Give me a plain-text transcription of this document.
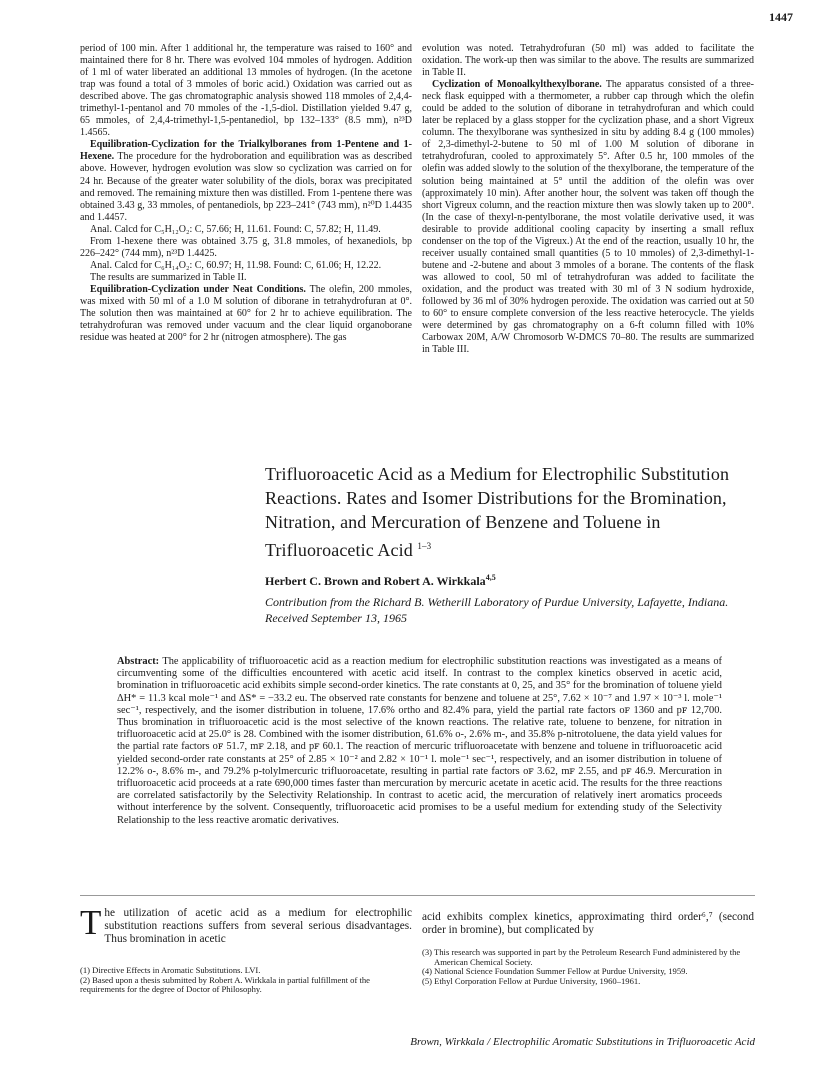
1447

period of 100 min. After 1 additional hr, the temperature was raised to 160° and maintained there for 8 hr. There was evolved 104 mmoles of hydrogen. Addition of 1 ml of water liberated an additional 13 mmoles of hydrogen. (In the acetone trap was found a total of 3 mmoles of boric acid.) Oxidation was carried out as described above. The gas chromatographic analysis showed 118 mmoles of 2,4,4-trimethyl-1-pentanol and 70 mmoles of the -1,5-diol. Distillation yielded 9.47 g, 65 mmoles, of 2,4,4-trimethyl-1,5-pentanediol, bp 132–133° (8.5 mm), n²³D 1.4565.

Equilibration-Cyclization for the Trialkylboranes from 1-Pentene and 1-Hexene. The procedure for the hydroboration and equilibration was as described above. However, hydrogen evolution was slow so cyclization was carried on for 24 hr. Because of the greater water solubility of the diols, borax was precipitated and removed. The remaining mixture then was distilled. From 1-pentene there was obtained 3.43 g, 33 mmoles, of pentanediols, bp 223–241° (743 mm), n²⁰D 1.4435 and 1.4457.

Anal. Calcd for C₅H₁₂O₂: C, 57.66; H, 11.61. Found: C, 57.82; H, 11.49.

From 1-hexene there was obtained 3.75 g, 31.8 mmoles, of hexanediols, bp 226–242° (744 mm), n²³D 1.4425.

Anal. Calcd for C₆H₁₄O₂: C, 60.97; H, 11.98. Found: C, 61.06; H, 12.22.

The results are summarized in Table II.

Equilibration-Cyclization under Neat Conditions. The olefin, 200 mmoles, was mixed with 50 ml of a 1.0 M solution of diborane in tetrahydrofuran at 0°. The solution then was maintained at 60° for 2 hr to achieve equilibration. The tetrahydrofuran was removed under vacuum and the clear liquid organoborane residue was heated at 200° for 2 hr (nitrogen atmosphere). The gas

evolution was noted. Tetrahydrofuran (50 ml) was added to facilitate the oxidation. The work-up then was similar to the above. The results are summarized in Table II.

Cyclization of Monoalkylthexylborane. The apparatus consisted of a three-neck flask equipped with a thermometer, a rubber cap through which the olefin could be added to the solution of diborane in tetrahydrofuran and which could later be replaced by a glass stopper for the cyclization phase, and a short Vigreux column. The thexylborane was synthesized in situ by adding 8.4 g (100 mmoles) of 2,3-dimethyl-2-butene to 50 ml of 1.00 M solution of diborane in tetrahydrofuran, cooled to approximately 5°. After 0.5 hr, 100 mmoles of the olefin was added slowly to the solution of the thexylborane, the temperature of the solution being maintained at 5° until the addition of the olefin was over (approximately 10 min). After another hour, the solvent was taken off though the short Vigreux column, and the reaction mixture then was slowly taken up to 200°. (In the case of thexyl-n-pentylborane, the most volatile derivative used, it was desirable to provide additional cooling capacity by inserting a small reflux condenser on the top of the Vigreux.) At the end of the reaction, usually 10 hr, the receiver usually contained small quantities (5 to 10 mmoles) of 2,3-dimethyl-1-butene and -2-butene and about 3 mmoles of a borane. The contents of the flask was allowed to cool, 50 ml of tetrahydrofuran was added to facilitate the oxidation, and the product was treated with 30 ml of 3 N sodium hydroxide, followed by 36 ml of 30% hydrogen peroxide. The oxidation was carried out at 50 to 60° to ensure complete conversion of the less reactive heterocycle. The yields were determined by gas chromatography on a 6-ft column filled with 10% Carbowax 20M, A/W Chromosorb W-DMCS 70–80. The results are summarized in Table III.

Trifluoroacetic Acid as a Medium for Electrophilic Substitution Reactions. Rates and Isomer Distributions for the Bromination, Nitration, and Mercuration of Benzene and Toluene in Trifluoroacetic Acid $^{1-3}$
Herbert C. Brown and Robert A. Wirkkala$^{4,5}$
Contribution from the Richard B. Wetherill Laboratory of Purdue University, Lafayette, Indiana. Received September 13, 1965
Abstract: The applicability of trifluoroacetic acid as a reaction medium for electrophilic substitution reactions was investigated as a means of circumventing some of the difficulties encountered with acetic acid itself. In contrast to the complex kinetics observed in acetic acid, bromination in trifluoroacetic acid exhibits simple second-order kinetics. The rate constants at 0, 25, and 35° for the bromination of toluene yield ΔH* = 11.3 kcal mole⁻¹ and ΔS* = −33.2 eu. The observed rate constants for benzene and toluene at 25°, 7.62 × 10⁻⁷ and 1.97 × 10⁻³ l. mole⁻¹ sec⁻¹, respectively, and the isomer distribution in toluene, 17.6% ortho and 82.4% para, yield the partial rate factors oꜰ 1360 and pꜰ 12,700. Thus bromination in trifluoroacetic acid is the most selective of the known reactions. The relative rate, toluene to benzene, for nitration in trifluoroacetic acid at 25.0° is 28. Combined with the isomer distribution, 61.6% o-, 2.6% m-, and 35.8% p-nitrotoluene, the data yield values for the partial rate factors oꜰ 51.7, mꜰ 2.18, and pꜰ 60.1. The reaction of mercuric trifluoroacetate with benzene and toluene in trifluoroacetic acid yielded second-order rate constants at 25° of 2.85 × 10⁻² and 2.82 × 10⁻¹ l. mole⁻¹ sec⁻¹, respectively, and an isomer distribution in toluene of 12.2% o-, 8.6% m-, and 79.2% p-tolylmercuric trifluoroacetate, resulting in partial rate factors oꜰ 3.62, mꜰ 2.55, and pꜰ 46.9. Mercuration in trifluoroacetic acid proceeds at a rate 690,000 times faster than mercuration by mercuric acetate in acetic acid. The results for the three reactions are correlated satisfactorily by the Selectivity Relationship. In contrast to acetic acid, the mercuration of relatively inert aromatics proceeds without interference by the solvent. Consequently, trifluoroacetic acid promises to be a useful medium for extending study of the Selectivity Relationship to the less reactive aromatic derivatives.
The utilization of acetic acid as a medium for electrophilic substitution reactions suffers from several serious disadvantages. Thus bromination in acetic
acid exhibits complex kinetics, approximating third order⁶,⁷ (second order in bromine), but complicated by

(1) Directive Effects in Aromatic Substitutions. LVI.

(2) Based upon a thesis submitted by Robert A. Wirkkala in partial fulfillment of the requirements for the degree of Doctor of Philosophy.

(3) This research was supported in part by the Petroleum Research Fund administered by the American Chemical Society.

(4) National Science Foundation Summer Fellow at Purdue University, 1959.

(5) Ethyl Corporation Fellow at Purdue University, 1960–1961.

Brown, Wirkkala / Electrophilic Aromatic Substitutions in Trifluoroacetic Acid
